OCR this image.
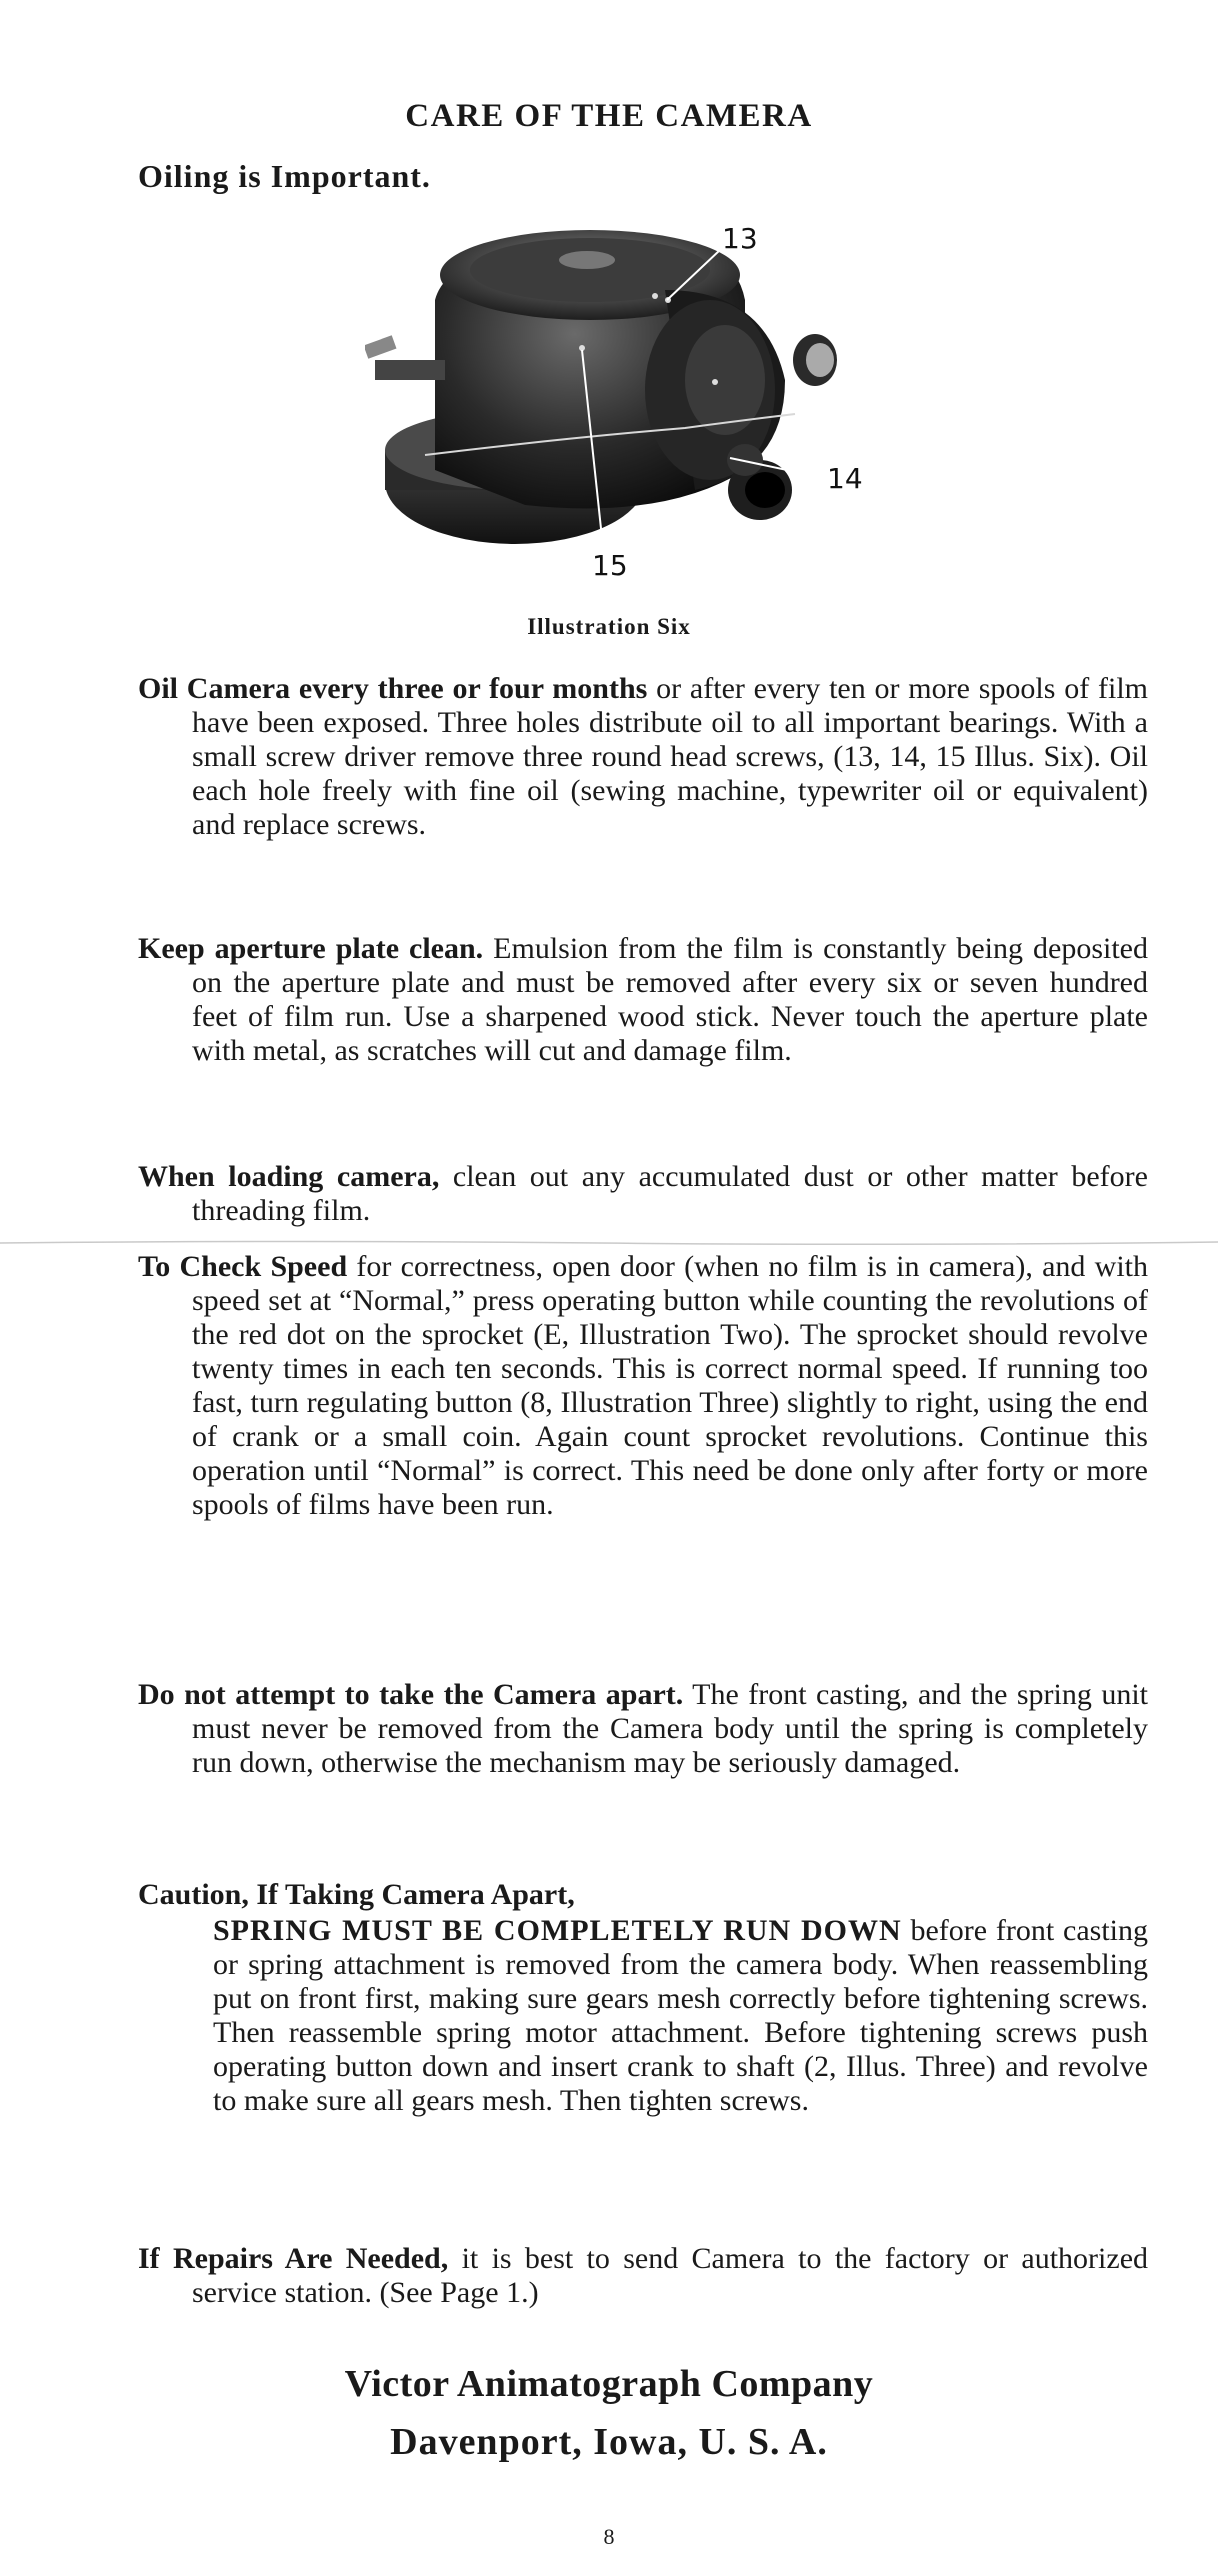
CARE OF THE CAMERA
Oiling is Important.
13
14
15
Illustration Six
Oil Camera every three or four months or after every ten or more spools of film have been exposed. Three holes distribute oil to all important bearings. With a small screw driver remove three round head screws, (13, 14, 15 Illus. Six). Oil each hole freely with fine oil (sewing machine, typewriter oil or equivalent) and replace screws.
Keep aperture plate clean. Emulsion from the film is constantly being deposited on the aperture plate and must be removed after every six or seven hundred feet of film run. Use a sharpened wood stick. Never touch the aperture plate with metal, as scratches will cut and damage film.
When loading camera, clean out any accumulated dust or other matter before threading film.
To Check Speed for correctness, open door (when no film is in camera), and with speed set at “Normal,” press operating button while counting the revolutions of the red dot on the sprocket (E, Illustration Two). The sprocket should revolve twenty times in each ten seconds. This is correct normal speed. If running too fast, turn regulating button (8, Illustration Three) slightly to right, using the end of crank or a small coin. Again count sprocket revolutions. Continue this operation until “Normal” is correct. This need be done only after forty or more spools of films have been run.
Do not attempt to take the Camera apart. The front casting, and the spring unit must never be removed from the Camera body until the spring is completely run down, otherwise the mechanism may be seriously damaged.
Caution, If Taking Camera Apart,
SPRING MUST BE COMPLETELY RUN DOWN before front casting or spring attachment is removed from the camera body. When reassembling put on front first, making sure gears mesh correctly before tightening screws. Then reassemble spring motor attachment. Before tightening screws push operating button down and insert crank to shaft (2, Illus. Three) and revolve to make sure all gears mesh. Then tighten screws.
If Repairs Are Needed, it is best to send Camera to the factory or authorized service station. (See Page 1.)
Victor Animatograph Company
Davenport, Iowa, U. S. A.
8
